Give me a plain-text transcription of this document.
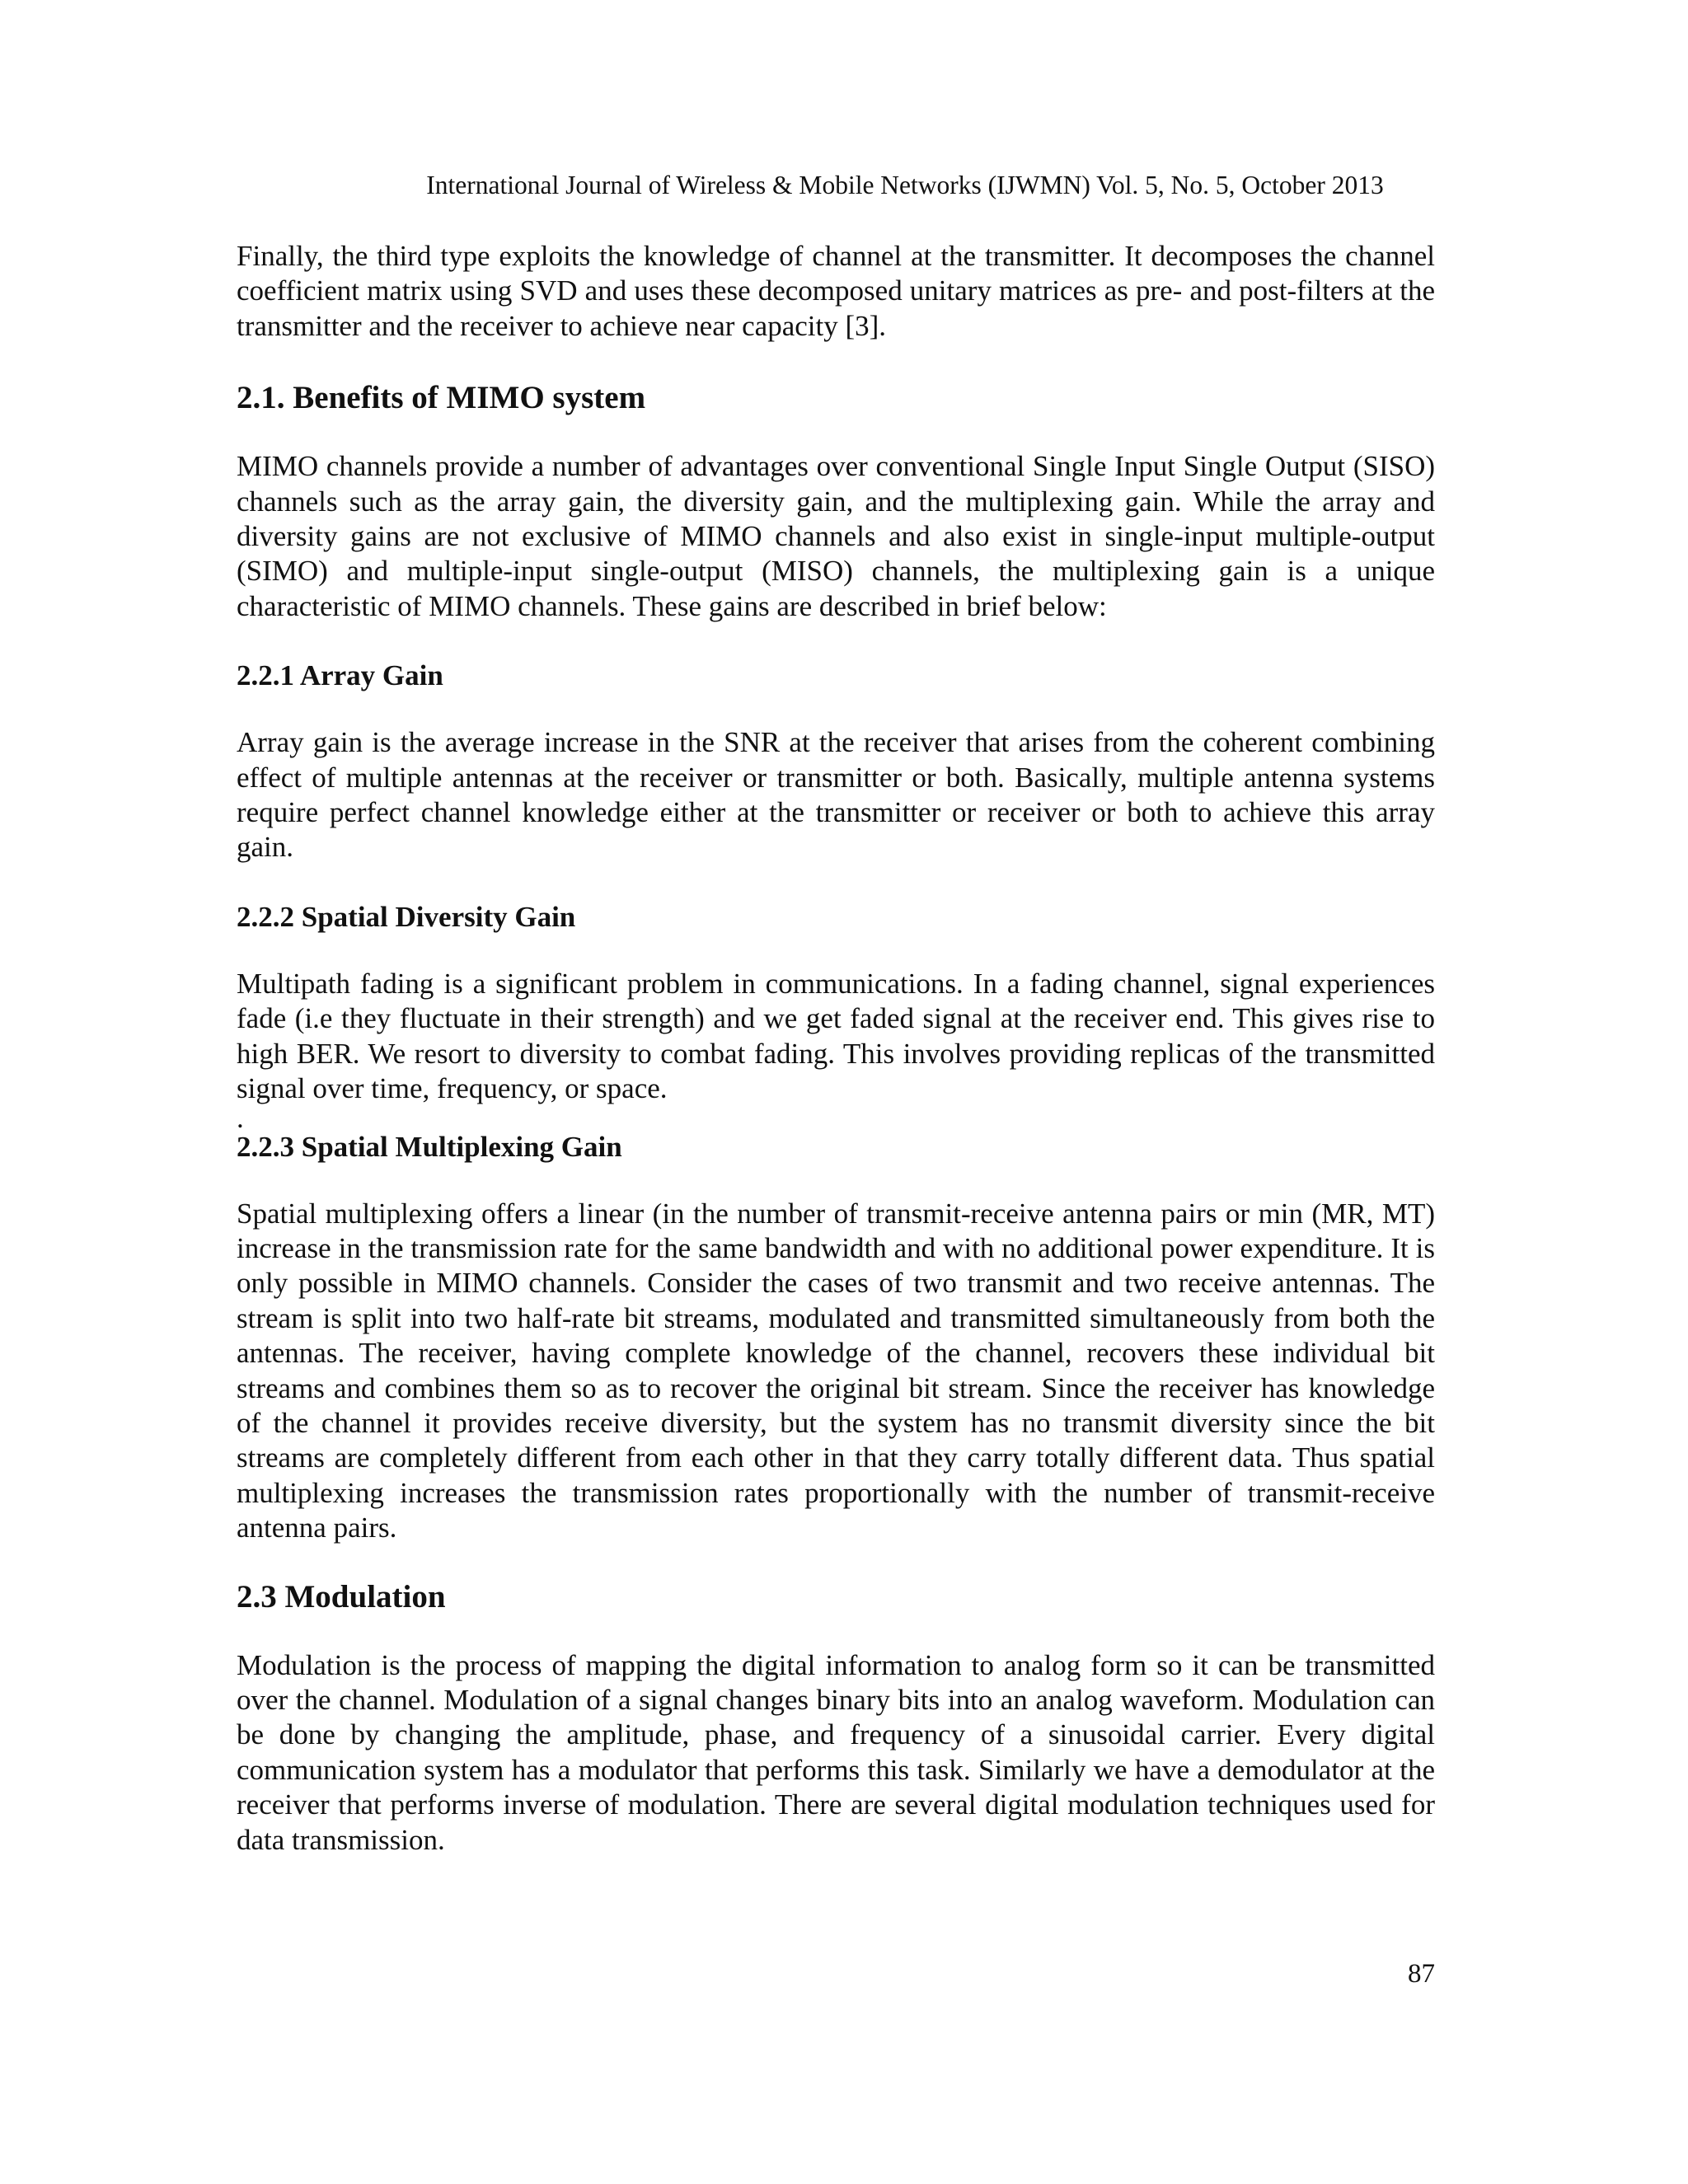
International Journal of Wireless & Mobile Networks (IJWMN) Vol. 5, No. 5, October 2013

Finally, the third type exploits the knowledge of channel at the transmitter. It decomposes the channel coefficient matrix using SVD and uses these decomposed unitary matrices as pre- and post-filters at the transmitter and the receiver to achieve near capacity [3].

2.1. Benefits of MIMO system

MIMO channels provide a number of advantages over conventional Single Input Single Output (SISO) channels such as the array gain, the diversity gain, and the multiplexing gain. While the array and diversity gains are not exclusive of MIMO channels and also exist in single-input multiple-output (SIMO) and multiple-input single-output (MISO) channels, the multiplexing gain is a unique characteristic of MIMO channels. These gains are described in brief below:

2.2.1 Array Gain

Array gain is the average increase in the SNR at the receiver that arises from the coherent combining effect of multiple antennas at the receiver or transmitter or both. Basically, multiple antenna systems require perfect channel knowledge either at the transmitter or receiver or both to achieve this array gain.

2.2.2 Spatial Diversity Gain

Multipath fading is a significant problem in communications. In a fading channel, signal experiences fade (i.e they fluctuate in their strength) and we get faded signal at the receiver end. This gives rise to high BER. We resort to diversity to combat fading. This involves providing replicas of the transmitted signal over time, frequency, or space.

.

2.2.3 Spatial Multiplexing Gain

Spatial multiplexing offers a linear (in the number of transmit-receive antenna pairs or min (MR, MT) increase in the transmission rate for the same bandwidth and with no additional power expenditure. It is only possible in MIMO channels. Consider the cases of two transmit and two receive antennas. The stream is split into two half-rate bit streams, modulated and transmitted simultaneously from both the antennas. The receiver, having complete knowledge of the channel, recovers these individual bit streams and combines them so as to recover the original bit stream. Since the receiver has knowledge of the channel it provides receive diversity, but the system has no transmit diversity since the bit streams are completely different from each other in that they carry totally different data. Thus spatial multiplexing increases the transmission rates proportionally with the number of transmit-receive antenna pairs.

2.3 Modulation

Modulation is the process of mapping the digital information to analog form so it can be transmitted over the channel. Modulation of a signal changes binary bits into an analog waveform. Modulation can be done by changing the amplitude, phase, and frequency of a sinusoidal carrier. Every digital communication system has a modulator that performs this task. Similarly we have a demodulator at the receiver that performs inverse of modulation. There are several digital modulation techniques used for data transmission.

87
